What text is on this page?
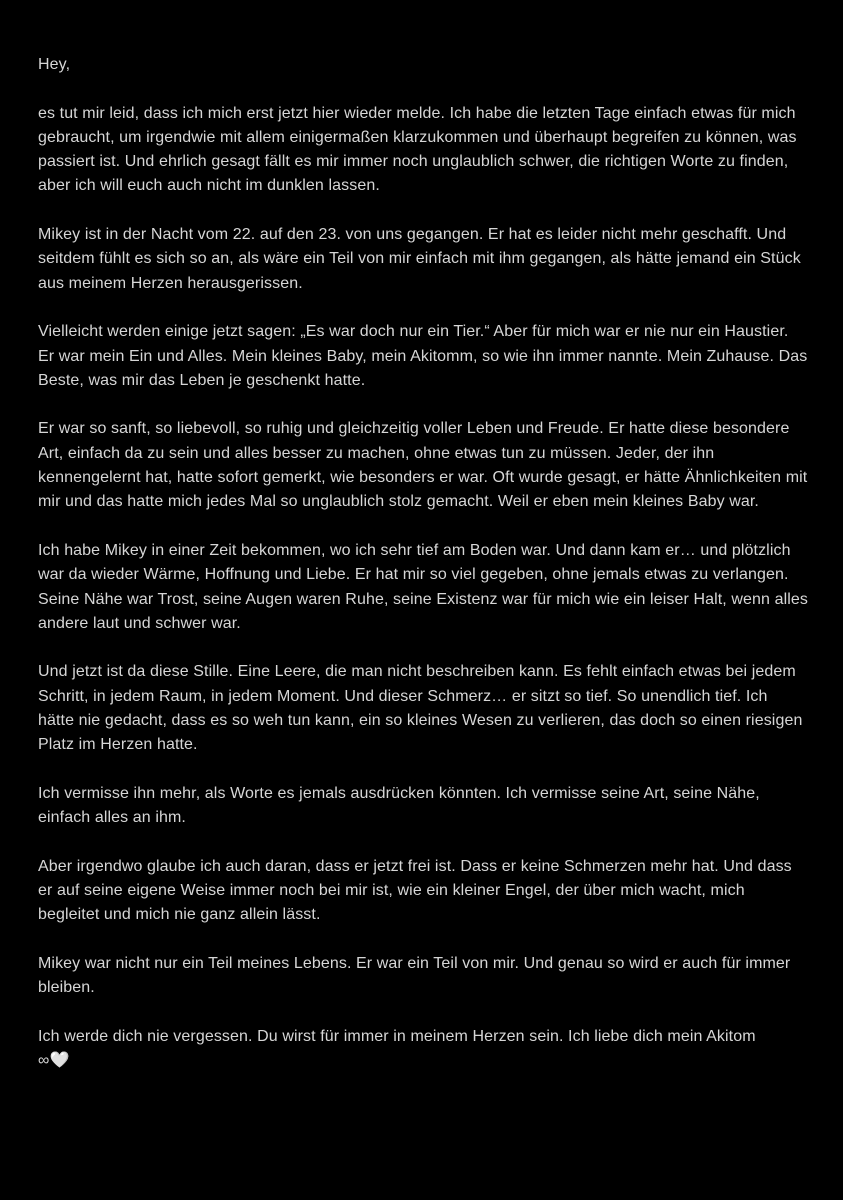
Hey,

es tut mir leid, dass ich mich erst jetzt hier wieder melde. Ich habe die letzten Tage einfach etwas für mich gebraucht, um irgendwie mit allem einigermaßen klarzukommen und überhaupt begreifen zu können, was passiert ist. Und ehrlich gesagt fällt es mir immer noch unglaublich schwer, die richtigen Worte zu finden, aber ich will euch auch nicht im dunklen lassen.

Mikey ist in der Nacht vom 22. auf den 23. von uns gegangen. Er hat es leider nicht mehr geschafft. Und seitdem fühlt es sich so an, als wäre ein Teil von mir einfach mit ihm gegangen, als hätte jemand ein Stück aus meinem Herzen herausgerissen.

Vielleicht werden einige jetzt sagen: „Es war doch nur ein Tier.“ Aber für mich war er nie nur ein Haustier. Er war mein Ein und Alles. Mein kleines Baby, mein Akitomm, so wie ihn immer nannte. Mein Zuhause. Das Beste, was mir das Leben je geschenkt hatte.

Er war so sanft, so liebevoll, so ruhig und gleichzeitig voller Leben und Freude. Er hatte diese besondere Art, einfach da zu sein und alles besser zu machen, ohne etwas tun zu müssen. Jeder, der ihn kennengelernt hat, hatte sofort gemerkt, wie besonders er war. Oft wurde gesagt, er hätte Ähnlichkeiten mit mir und das hatte mich jedes Mal so unglaublich stolz gemacht. Weil er eben mein kleines Baby war.

Ich habe Mikey in einer Zeit bekommen, wo ich sehr tief am Boden war. Und dann kam er… und plötzlich war da wieder Wärme, Hoffnung und Liebe. Er hat mir so viel gegeben, ohne jemals etwas zu verlangen. Seine Nähe war Trost, seine Augen waren Ruhe, seine Existenz war für mich wie ein leiser Halt, wenn alles andere laut und schwer war.

Und jetzt ist da diese Stille. Eine Leere, die man nicht beschreiben kann. Es fehlt einfach etwas bei jedem Schritt, in jedem Raum, in jedem Moment. Und dieser Schmerz… er sitzt so tief. So unendlich tief. Ich hätte nie gedacht, dass es so weh tun kann, ein so kleines Wesen zu verlieren, das doch so einen riesigen Platz im Herzen hatte.

Ich vermisse ihn mehr, als Worte es jemals ausdrücken könnten. Ich vermisse seine Art, seine Nähe, einfach alles an ihm.

Aber irgendwo glaube ich auch daran, dass er jetzt frei ist. Dass er keine Schmerzen mehr hat. Und dass er auf seine eigene Weise immer noch bei mir ist, wie ein kleiner Engel, der über mich wacht, mich begleitet und mich nie ganz allein lässt.

Mikey war nicht nur ein Teil meines Lebens. Er war ein Teil von mir. Und genau so wird er auch für immer bleiben.

Ich werde dich nie vergessen. Du wirst für immer in meinem Herzen sein. Ich liebe dich mein Akitom
∞🤍
